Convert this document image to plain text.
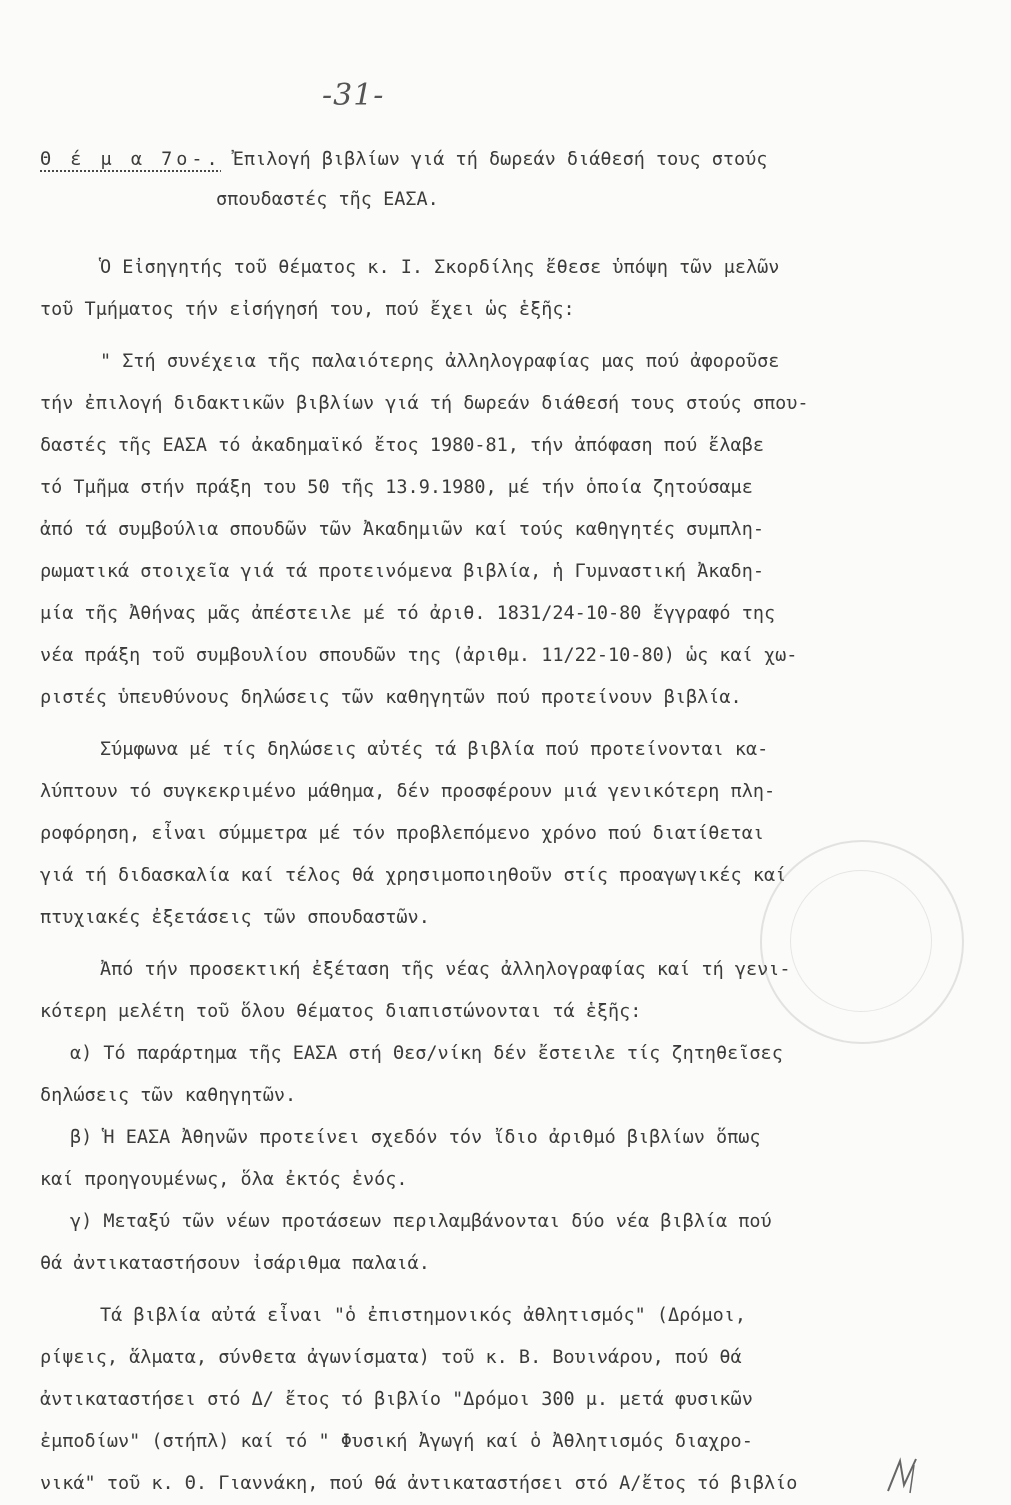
-31-
Θ έ μ α 7ο-. Ἐπιλογή βιβλίων γιά τή δωρεάν διάθεσή τους στούς
σπουδαστές τῆς ΕΑΣΑ.
Ὁ Εἰσηγητής τοῦ θέματος κ. Ι. Σκορδίλης ἔθεσε ὑπόψη τῶν μελῶν
τοῦ Τμήματος τήν εἰσήγησή του, πού ἔχει ὡς ἑξῆς:
" Στή συνέχεια τῆς παλαιότερης ἀλληλογραφίας μας πού ἀφοροῦσε
τήν ἐπιλογή διδακτικῶν βιβλίων γιά τή δωρεάν διάθεσή τους στούς σπου-
δαστές τῆς ΕΑΣΑ τό ἀκαδημαϊκό ἔτος 1980-81, τήν ἀπόφαση πού ἔλαβε
τό Τμῆμα στήν πράξη του 50 τῆς 13.9.1980, μέ τήν ὁποία ζητούσαμε
ἀπό τά συμβούλια σπουδῶν τῶν Ἀκαδημιῶν καί τούς καθηγητές συμπλη-
ρωματικά στοιχεῖα γιά τά προτεινόμενα βιβλία, ἡ Γυμναστική Ἀκαδη-
μία τῆς Ἀθήνας μᾶς ἀπέστειλε μέ τό ἀριθ. 1831/24-10-80 ἔγγραφό της
νέα πράξη τοῦ συμβουλίου σπουδῶν της (ἀριθμ. 11/22-10-80) ὡς καί χω-
ριστές ὑπευθύνους δηλώσεις τῶν καθηγητῶν πού προτείνουν βιβλία.
Σύμφωνα μέ τίς δηλώσεις αὐτές τά βιβλία πού προτείνονται κα-
λύπτουν τό συγκεκριμένο μάθημα, δέν προσφέρουν μιά γενικότερη πλη-
ροφόρηση, εἶναι σύμμετρα μέ τόν προβλεπόμενο χρόνο πού διατίθεται
γιά τή διδασκαλία καί τέλος θά χρησιμοποιηθοῦν στίς προαγωγικές καί
πτυχιακές ἐξετάσεις τῶν σπουδαστῶν.
Ἀπό τήν προσεκτική ἐξέταση τῆς νέας ἀλληλογραφίας καί τή γενι-
κότερη μελέτη τοῦ ὅλου θέματος διαπιστώνονται τά ἑξῆς:
α) Τό παράρτημα τῆς ΕΑΣΑ στή Θεσ/νίκη δέν ἔστειλε τίς ζητηθεῖσες
δηλώσεις τῶν καθηγητῶν.
β) Ἡ ΕΑΣΑ Ἀθηνῶν προτείνει σχεδόν τόν ἴδιο ἀριθμό βιβλίων ὅπως
καί προηγουμένως, ὅλα ἐκτός ἑνός.
γ) Μεταξύ τῶν νέων προτάσεων περιλαμβάνονται δύο νέα βιβλία πού
θά ἀντικαταστήσουν ἰσάριθμα παλαιά.
Τά βιβλία αὐτά εἶναι "ὁ ἐπιστημονικός ἀθλητισμός" (Δρόμοι,
ρίψεις, ἅλματα, σύνθετα ἀγωνίσματα) τοῦ κ. Β. Βουινάρου, πού θά
ἀντικαταστήσει στό Δ/ ἔτος τό βιβλίο "Δρόμοι 300 μ. μετά φυσικῶν
ἐμποδίων" (στήπλ) καί τό " Φυσική Ἀγωγή καί ὁ Ἀθλητισμός διαχρο-
νικά" τοῦ κ. Θ. Γιαννάκη, πού θά ἀντικαταστήσει στό Α/ἔτος τό βιβλίο
